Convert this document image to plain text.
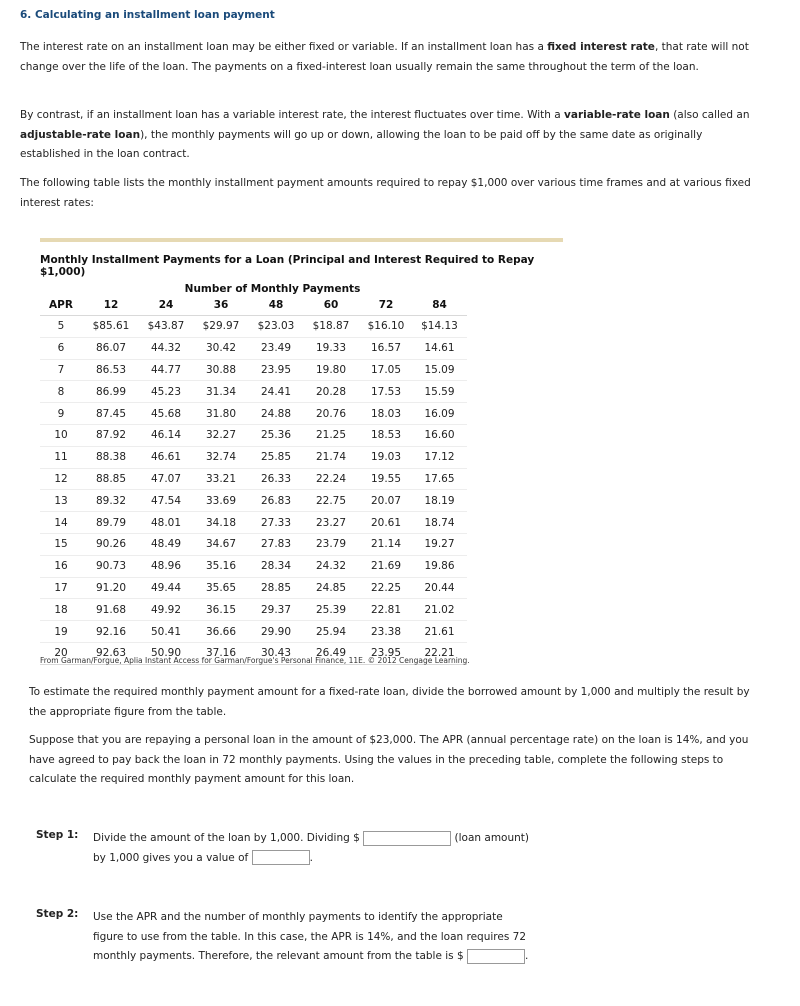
6. Calculating an installment loan payment

The interest rate on an installment loan may be either fixed or variable. If an installment loan has a fixed interest rate, that rate will not change over the life of the loan. The payments on a fixed-interest loan usually remain the same throughout the term of the loan.

By contrast, if an installment loan has a variable interest rate, the interest fluctuates over time. With a variable-rate loan (also called an adjustable-rate loan), the monthly payments will go up or down, allowing the loan to be paid off by the same date as originally established in the loan contract.

The following table lists the monthly installment payment amounts required to repay $1,000 over various time frames and at various fixed interest rates:

Monthly Installment Payments for a Loan (Principal and Interest Required to Repay $1,000)
Number of Monthly Payments
APR	12	24	36	48	60	72	84
5	$85.61	$43.87	$29.97	$23.03	$18.87	$16.10	$14.13
6	86.07	44.32	30.42	23.49	19.33	16.57	14.61
7	86.53	44.77	30.88	23.95	19.80	17.05	15.09
8	86.99	45.23	31.34	24.41	20.28	17.53	15.59
9	87.45	45.68	31.80	24.88	20.76	18.03	16.09
10	87.92	46.14	32.27	25.36	21.25	18.53	16.60
11	88.38	46.61	32.74	25.85	21.74	19.03	17.12
12	88.85	47.07	33.21	26.33	22.24	19.55	17.65
13	89.32	47.54	33.69	26.83	22.75	20.07	18.19
14	89.79	48.01	34.18	27.33	23.27	20.61	18.74
15	90.26	48.49	34.67	27.83	23.79	21.14	19.27
16	90.73	48.96	35.16	28.34	24.32	21.69	19.86
17	91.20	49.44	35.65	28.85	24.85	22.25	20.44
18	91.68	49.92	36.15	29.37	25.39	22.81	21.02
19	92.16	50.41	36.66	29.90	25.94	23.38	21.61
20	92.63	50.90	37.16	30.43	26.49	23.95	22.21
From Garman/Forgue, Aplia Instant Access for Garman/Forgue's Personal Finance, 11E. © 2012 Cengage Learning.

To estimate the required monthly payment amount for a fixed-rate loan, divide the borrowed amount by 1,000 and multiply the result by the appropriate figure from the table.

Suppose that you are repaying a personal loan in the amount of $23,000. The APR (annual percentage rate) on the loan is 14%, and you have agreed to pay back the loan in 72 monthly payments. Using the values in the preceding table, complete the following steps to calculate the required monthly payment amount for this loan.

Step 1: Divide the amount of the loan by 1,000. Dividing $	(loan amount) by 1,000 gives you a value of	.
Step 2: Use the APR and the number of monthly payments to identify the appropriate figure to use from the table. In this case, the APR is 14%, and the loan requires 72 monthly payments. Therefore, the relevant amount from the table is $	.
